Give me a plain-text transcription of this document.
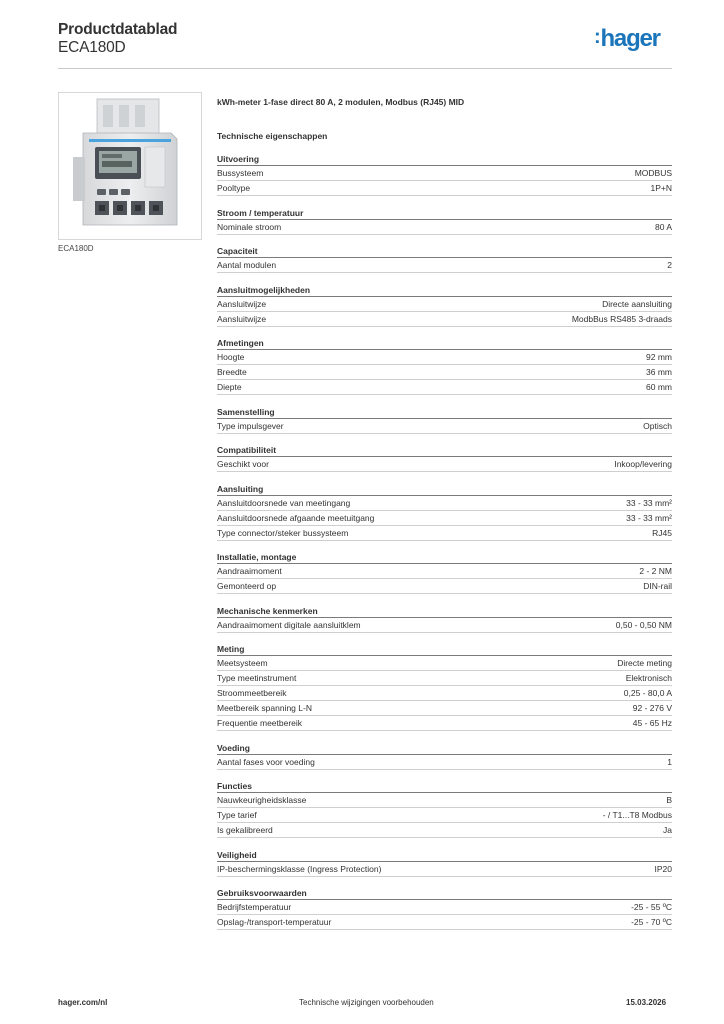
Productdatablad
ECA180D	:hager
ECA180D
kWh-meter 1-fase direct 80 A, 2 modulen, Modbus (RJ45) MID
Technische eigenschappen
Uitvoering
Bussysteem	MODBUS
Pooltype	1P+N
Stroom / temperatuur
Nominale stroom	80 A
Capaciteit
Aantal modulen	2
Aansluitmogelijkheden
Aansluitwijze	Directe aansluiting
Aansluitwijze	ModbBus RS485 3-draads
Afmetingen
Hoogte	92 mm
Breedte	36 mm
Diepte	60 mm
Samenstelling
Type impulsgever	Optisch
Compatibiliteit
Geschikt voor	Inkoop/levering
Aansluiting
Aansluitdoorsnede van meetingang	33 - 33 mm²
Aansluitdoorsnede afgaande meetuitgang	33 - 33 mm²
Type connector/steker bussysteem	RJ45
Installatie, montage
Aandraaimoment	2 - 2 NM
Gemonteerd op	DIN-rail
Mechanische kenmerken
Aandraaimoment digitale aansluitklem	0,50 - 0,50 NM
Meting
Meetsysteem	Directe meting
Type meetinstrument	Elektronisch
Stroommeetbereik	0,25 - 80,0 A
Meetbereik spanning L-N	92 - 276 V
Frequentie meetbereik	45 - 65 Hz
Voeding
Aantal fases voor voeding	1
Functies
Nauwkeurigheidsklasse	B
Type tarief	- / T1...T8 Modbus
Is gekalibreerd	Ja
Veiligheid
IP-beschermingsklasse (Ingress Protection)	IP20
Gebruiksvoorwaarden
Bedrijfstemperatuur	-25 - 55 ºC
Opslag-/transport-temperatuur	-25 - 70 ºC
hager.com/nl	Technische wijzigingen voorbehouden	15.03.2026
